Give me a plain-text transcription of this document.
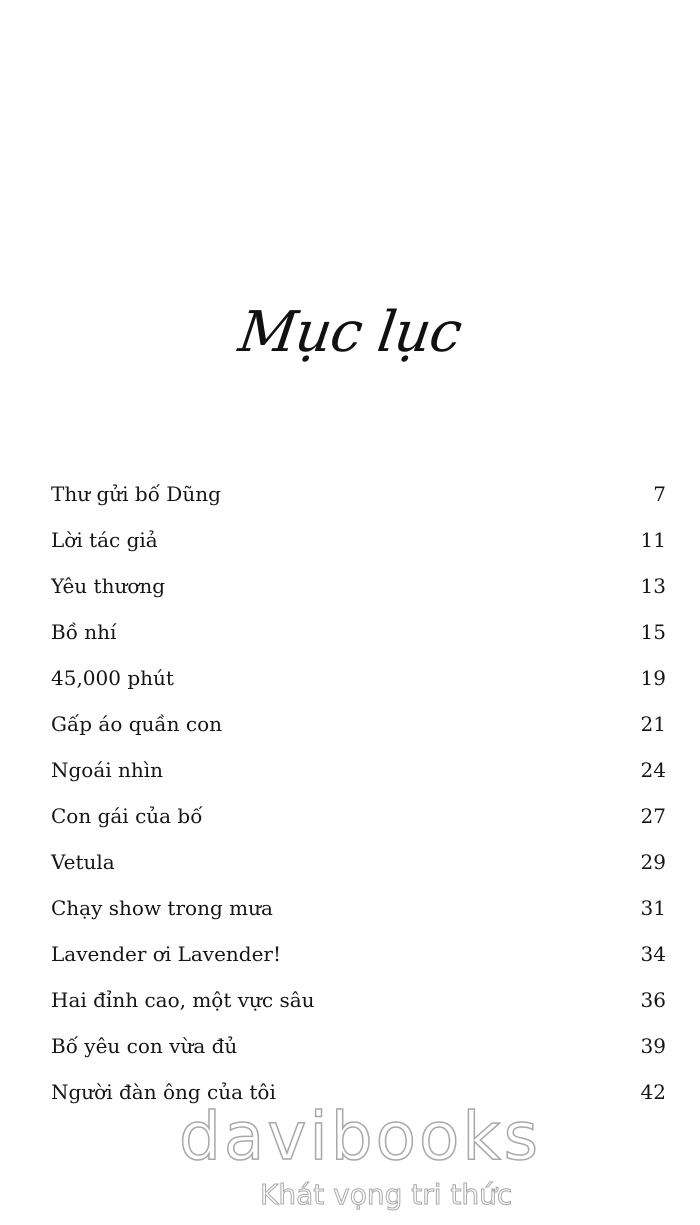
Mục lục
Thư gửi bố Dũng	7
Lời tác giả	11
Yêu thương	13
Bồ nhí	15
45,000 phút	19
Gấp áo quần con	21
Ngoái nhìn	24
Con gái của bố	27
Vetula	29
Chạy show trong mưa	31
Lavender ơi Lavender!	34
Hai đỉnh cao, một vực sâu	36
Bố yêu con vừa đủ	39
Người đàn ông của tôi	42
davibooks
Khát vọng tri thức
